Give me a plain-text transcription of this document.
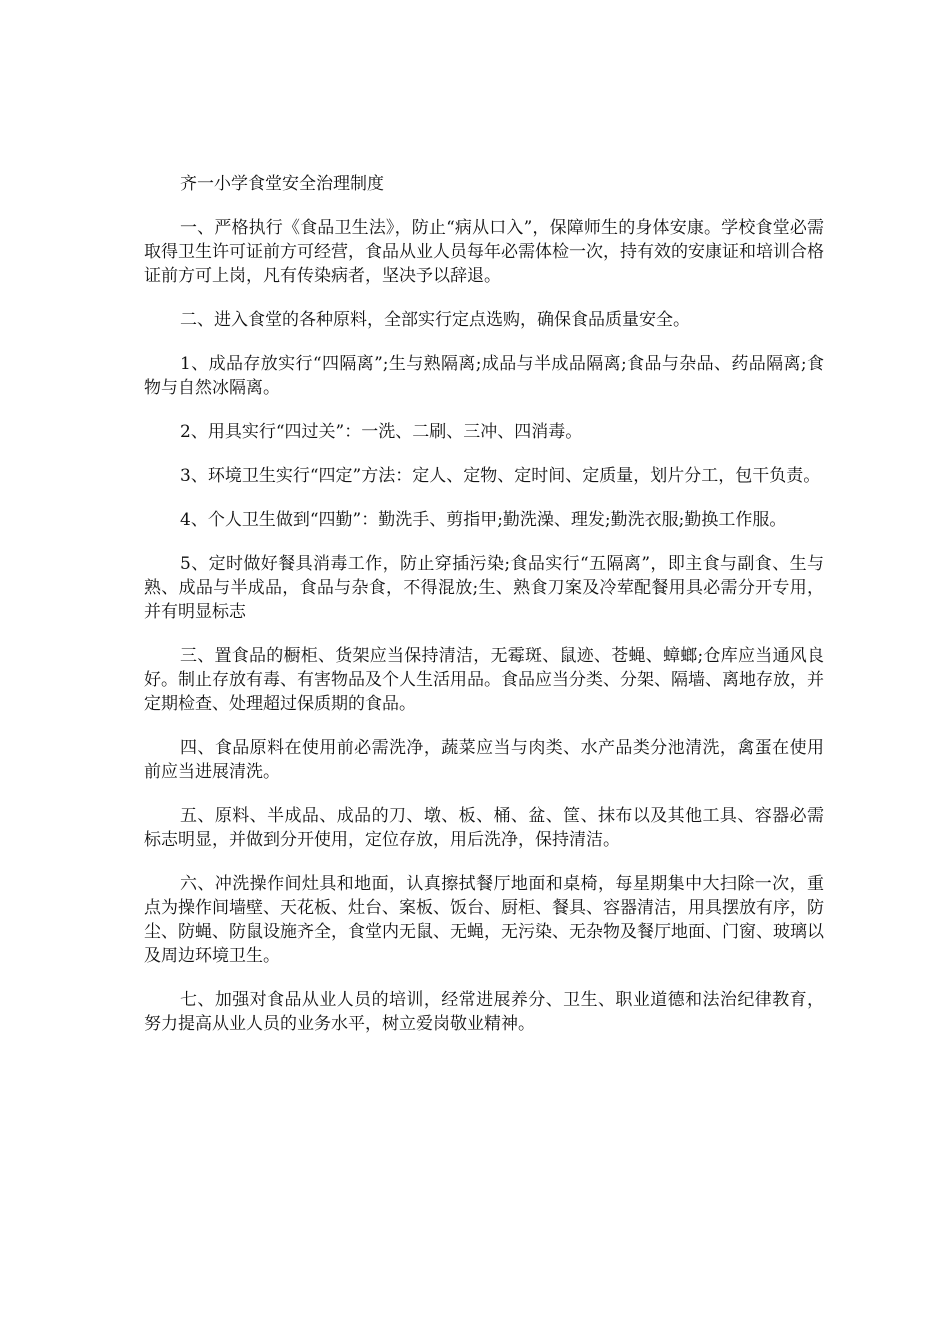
齐一小学食堂安全治理制度

一、严格执行《食品卫生法》，防止“病从口入”，保障师生的身体安康。学校食堂必需取得卫生许可证前方可经营，食品从业人员每年必需体检一次，持有效的安康证和培训合格证前方可上岗，凡有传染病者，坚决予以辞退。

二、进入食堂的各种原料，全部实行定点选购，确保食品质量安全。

1、成品存放实行“四隔离”;生与熟隔离;成品与半成品隔离;食品与杂品、药品隔离;食物与自然冰隔离。

2、用具实行“四过关”：一洗、二刷、三冲、四消毒。

3、环境卫生实行“四定”方法：定人、定物、定时间、定质量，划片分工，包干负责。

4、个人卫生做到“四勤”：勤洗手、剪指甲;勤洗澡、理发;勤洗衣服;勤换工作服。

5、定时做好餐具消毒工作，防止穿插污染;食品实行“五隔离”，即主食与副食、生与熟、成品与半成品，食品与杂食，不得混放;生、熟食刀案及冷荤配餐用具必需分开专用，并有明显标志

三、置食品的橱柜、货架应当保持清洁，无霉斑、鼠迹、苍蝇、蟑螂;仓库应当通风良好。制止存放有毒、有害物品及个人生活用品。食品应当分类、分架、隔墙、离地存放，并定期检查、处理超过保质期的食品。

四、食品原料在使用前必需洗净，蔬菜应当与肉类、水产品类分池清洗，禽蛋在使用前应当进展清洗。

五、原料、半成品、成品的刀、墩、板、桶、盆、筐、抹布以及其他工具、容器必需标志明显，并做到分开使用，定位存放，用后洗净，保持清洁。

六、冲洗操作间灶具和地面，认真擦拭餐厅地面和桌椅，每星期集中大扫除一次，重点为操作间墙壁、天花板、灶台、案板、饭台、厨柜、餐具、容器清洁，用具摆放有序，防尘、防蝇、防鼠设施齐全，食堂内无鼠、无蝇，无污染、无杂物及餐厅地面、门窗、玻璃以及周边环境卫生。

七、加强对食品从业人员的培训，经常进展养分、卫生、职业道德和法治纪律教育，努力提高从业人员的业务水平，树立爱岗敬业精神。
